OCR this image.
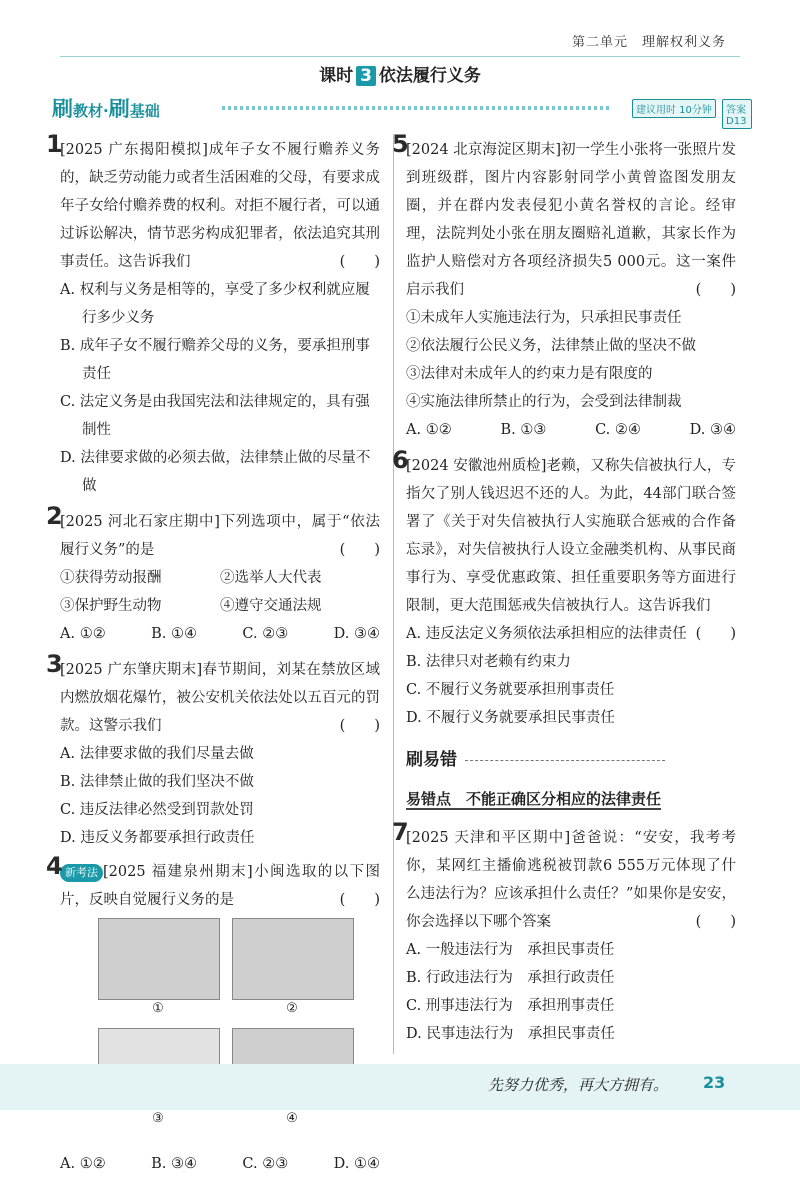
第二单元　理解权利义务
课时 3 依法履行义务
刷教材·刷基础	建议用时 10分钟	答案 D13
1

[2025 广东揭阳模拟]成年子女不履行赡养义务的，缺乏劳动能力或者生活困难的父母，有要求成年子女给付赡养费的权利。对拒不履行者，可以通过诉讼解决，情节恶劣构成犯罪者，依法追究其刑事责任。这告诉我们	(　　)

A. 权利与义务是相等的，享受了多少权利就应履行多少义务

B. 成年子女不履行赡养父母的义务，要承担刑事责任

C. 法定义务是由我国宪法和法律规定的，具有强制性

D. 法律要求做的必须去做，法律禁止做的尽量不做

2

[2025 河北石家庄期中]下列选项中，属于“依法履行义务”的是	(　　)

①获得劳动报酬	②选举人大代表
③保护野生动物	④遵守交通法规
A. ①②	B. ①④	C. ②③	D. ③④
3

[2025 广东肇庆期末]春节期间，刘某在禁放区域内燃放烟花爆竹，被公安机关依法处以五百元的罚款。这警示我们	(　　)

A. 法律要求做的我们尽量去做

B. 法律禁止做的我们坚决不做

C. 违反法律必然受到罚款处罚

D. 违反义务都要承担行政责任

4 新考法 [2025 福建泉州期末]小闽选取的以下图片，反映自觉履行义务的是	(　　)

①	②
③	④
A. ①②	B. ③④	C. ②③	D. ①④
5

[2024 北京海淀区期末]初一学生小张将一张照片发到班级群，图片内容影射同学小黄曾盗图发朋友圈，并在群内发表侵犯小黄名誉权的言论。经审理，法院判处小张在朋友圈赔礼道歉，其家长作为监护人赔偿对方各项经济损失5 000元。这一案件启示我们	(　　)

①未成年人实施违法行为，只承担民事责任

②依法履行公民义务，法律禁止做的坚决不做

③法律对未成年人的约束力是有限度的

④实施法律所禁止的行为，会受到法律制裁

A. ①②	B. ①③	C. ②④	D. ③④
6

[2024 安徽池州质检]老赖，又称失信被执行人，专指欠了别人钱迟迟不还的人。为此，44部门联合签署了《关于对失信被执行人实施联合惩戒的合作备忘录》，对失信被执行人设立金融类机构、从事民商事行为、享受优惠政策、担任重要职务等方面进行限制，更大范围惩戒失信被执行人。这告诉我们
(　　)

A. 违反法定义务须依法承担相应的法律责任

B. 法律只对老赖有约束力

C. 不履行义务就要承担刑事责任

D. 不履行义务就要承担民事责任

刷易错
易错点　不能正确区分相应的法律责任
7

[2025 天津和平区期中]爸爸说：“安安，我考考你，某网红主播偷逃税被罚款6 555万元体现了什么违法行为？应该承担什么责任？”如果你是安安，你会选择以下哪个答案	(　　)

A. 一般违法行为　承担民事责任

B. 行政违法行为　承担行政责任

C. 刑事违法行为　承担刑事责任

D. 民事违法行为　承担民事责任

先努力优秀，再大方拥有。 23
